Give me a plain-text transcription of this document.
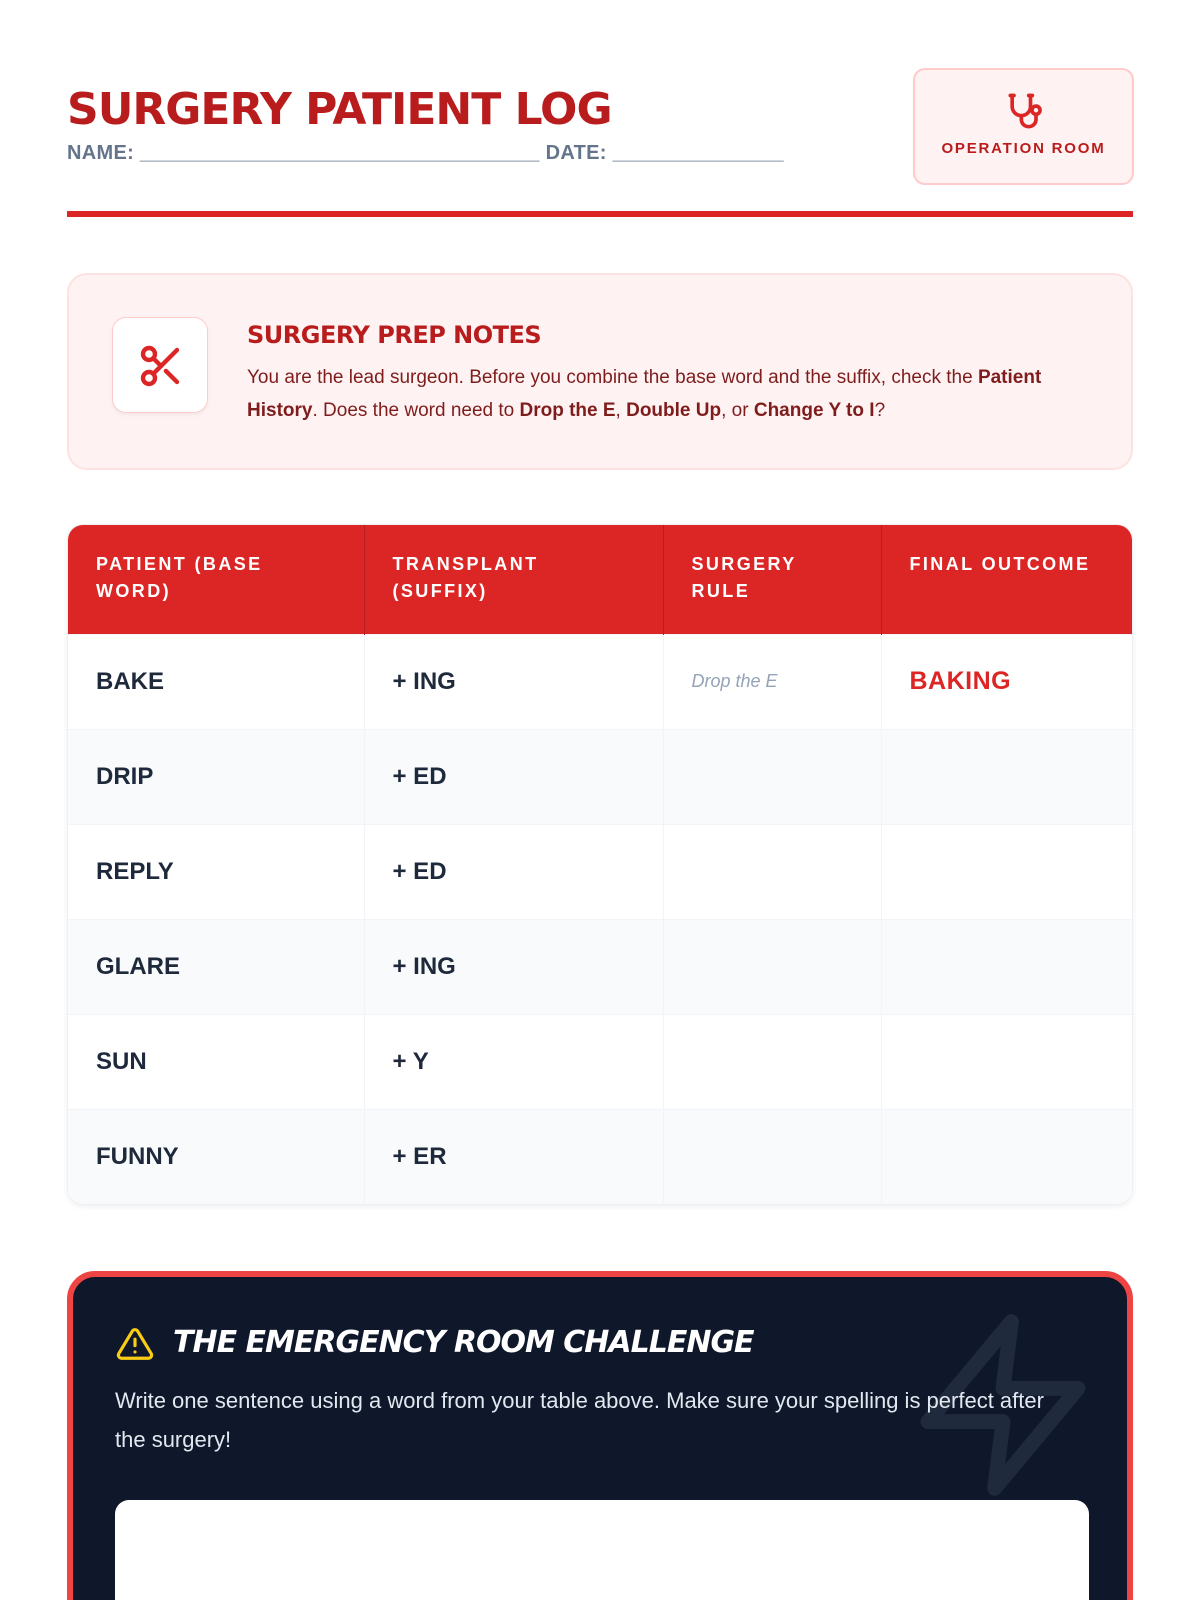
SURGERY PATIENT LOG
NAME: ___________________________________ DATE: _______________	OPERATION ROOM
SURGERY PREP NOTES
You are the lead surgeon. Before you combine the base word and the suffix, check the Patient History. Does the word need to Drop the E, Double Up, or Change Y to I?
PATIENT (BASE WORD)	TRANSPLANT (SUFFIX)	SURGERY RULE	FINAL OUTCOME
BAKE	+ ING	Drop the E	BAKING
DRIP	+ ED		
REPLY	+ ED		
GLARE	+ ING		
SUN	+ Y		
FUNNY	+ ER		
THE EMERGENCY ROOM CHALLENGE
Write one sentence using a word from your table above. Make sure your spelling is perfect after the surgery!
